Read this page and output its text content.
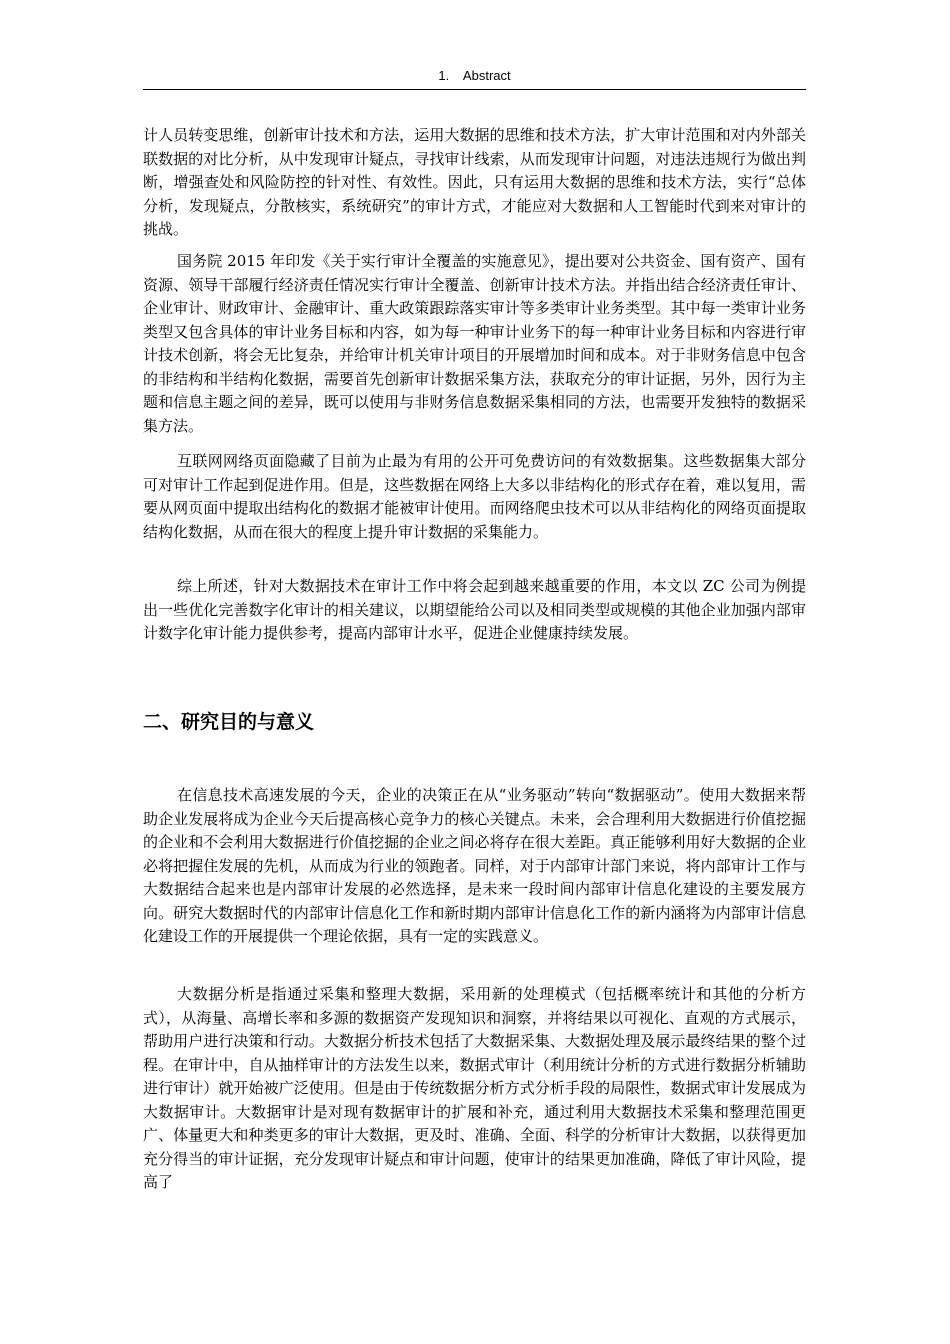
1.    Abstract

计人员转变思维，创新审计技术和方法，运用大数据的思维和技术方法，扩大审计范围和对内外部关联数据的对比分析，从中发现审计疑点，寻找审计线索，从而发现审计问题，对违法违规行为做出判断，增强查处和风险防控的针对性、有效性。因此，只有运用大数据的思维和技术方法，实行“总体分析，发现疑点，分散核实，系统研究”的审计方式，才能应对大数据和人工智能时代到来对审计的挑战。

国务院 2015 年印发《关于实行审计全覆盖的实施意见》，提出要对公共资金、国有资产、国有资源、领导干部履行经济责任情况实行审计全覆盖、创新审计技术方法。并指出结合经济责任审计、企业审计、财政审计、金融审计、重大政策跟踪落实审计等多类审计业务类型。其中每一类审计业务类型又包含具体的审计业务目标和内容，如为每一种审计业务下的每一种审计业务目标和内容进行审计技术创新，将会无比复杂，并给审计机关审计项目的开展增加时间和成本。对于非财务信息中包含的非结构和半结构化数据，需要首先创新审计数据采集方法，获取充分的审计证据，另外，因行为主题和信息主题之间的差异，既可以使用与非财务信息数据采集相同的方法，也需要开发独特的数据采集方法。

互联网网络页面隐藏了目前为止最为有用的公开可免费访问的有效数据集。这些数据集大部分可对审计工作起到促进作用。但是，这些数据在网络上大多以非结构化的形式存在着，难以复用，需要从网页面中提取出结构化的数据才能被审计使用。而网络爬虫技术可以从非结构化的网络页面提取结构化数据，从而在很大的程度上提升审计数据的采集能力。

综上所述，针对大数据技术在审计工作中将会起到越来越重要的作用，本文以 ZC 公司为例提出一些优化完善数字化审计的相关建议，以期望能给公司以及相同类型或规模的其他企业加强内部审计数字化审计能力提供参考，提高内部审计水平，促进企业健康持续发展。

二、研究目的与意义

在信息技术高速发展的今天，企业的决策正在从“业务驱动”转向“数据驱动”。使用大数据来帮助企业发展将成为企业今天后提高核心竞争力的核心关键点。未来，会合理利用大数据进行价值挖掘的企业和不会利用大数据进行价值挖掘的企业之间必将存在很大差距。真正能够利用好大数据的企业必将把握住发展的先机，从而成为行业的领跑者。同样，对于内部审计部门来说，将内部审计工作与大数据结合起来也是内部审计发展的必然选择，是未来一段时间内部审计信息化建设的主要发展方向。研究大数据时代的内部审计信息化工作和新时期内部审计信息化工作的新内涵将为内部审计信息化建设工作的开展提供一个理论依据，具有一定的实践意义。

大数据分析是指通过采集和整理大数据，采用新的处理模式（包括概率统计和其他的分析方式），从海量、高增长率和多源的数据资产发现知识和洞察，并将结果以可视化、直观的方式展示，帮助用户进行决策和行动。大数据分析技术包括了大数据采集、大数据处理及展示最终结果的整个过程。在审计中，自从抽样审计的方法发生以来，数据式审计（利用统计分析的方式进行数据分析辅助进行审计）就开始被广泛使用。但是由于传统数据分析方式分析手段的局限性，数据式审计发展成为大数据审计。大数据审计是对现有数据审计的扩展和补充，通过利用大数据技术采集和整理范围更广、体量更大和种类更多的审计大数据，更及时、准确、全面、科学的分析审计大数据，以获得更加充分得当的审计证据，充分发现审计疑点和审计问题，使审计的结果更加准确，降低了审计风险，提高了
